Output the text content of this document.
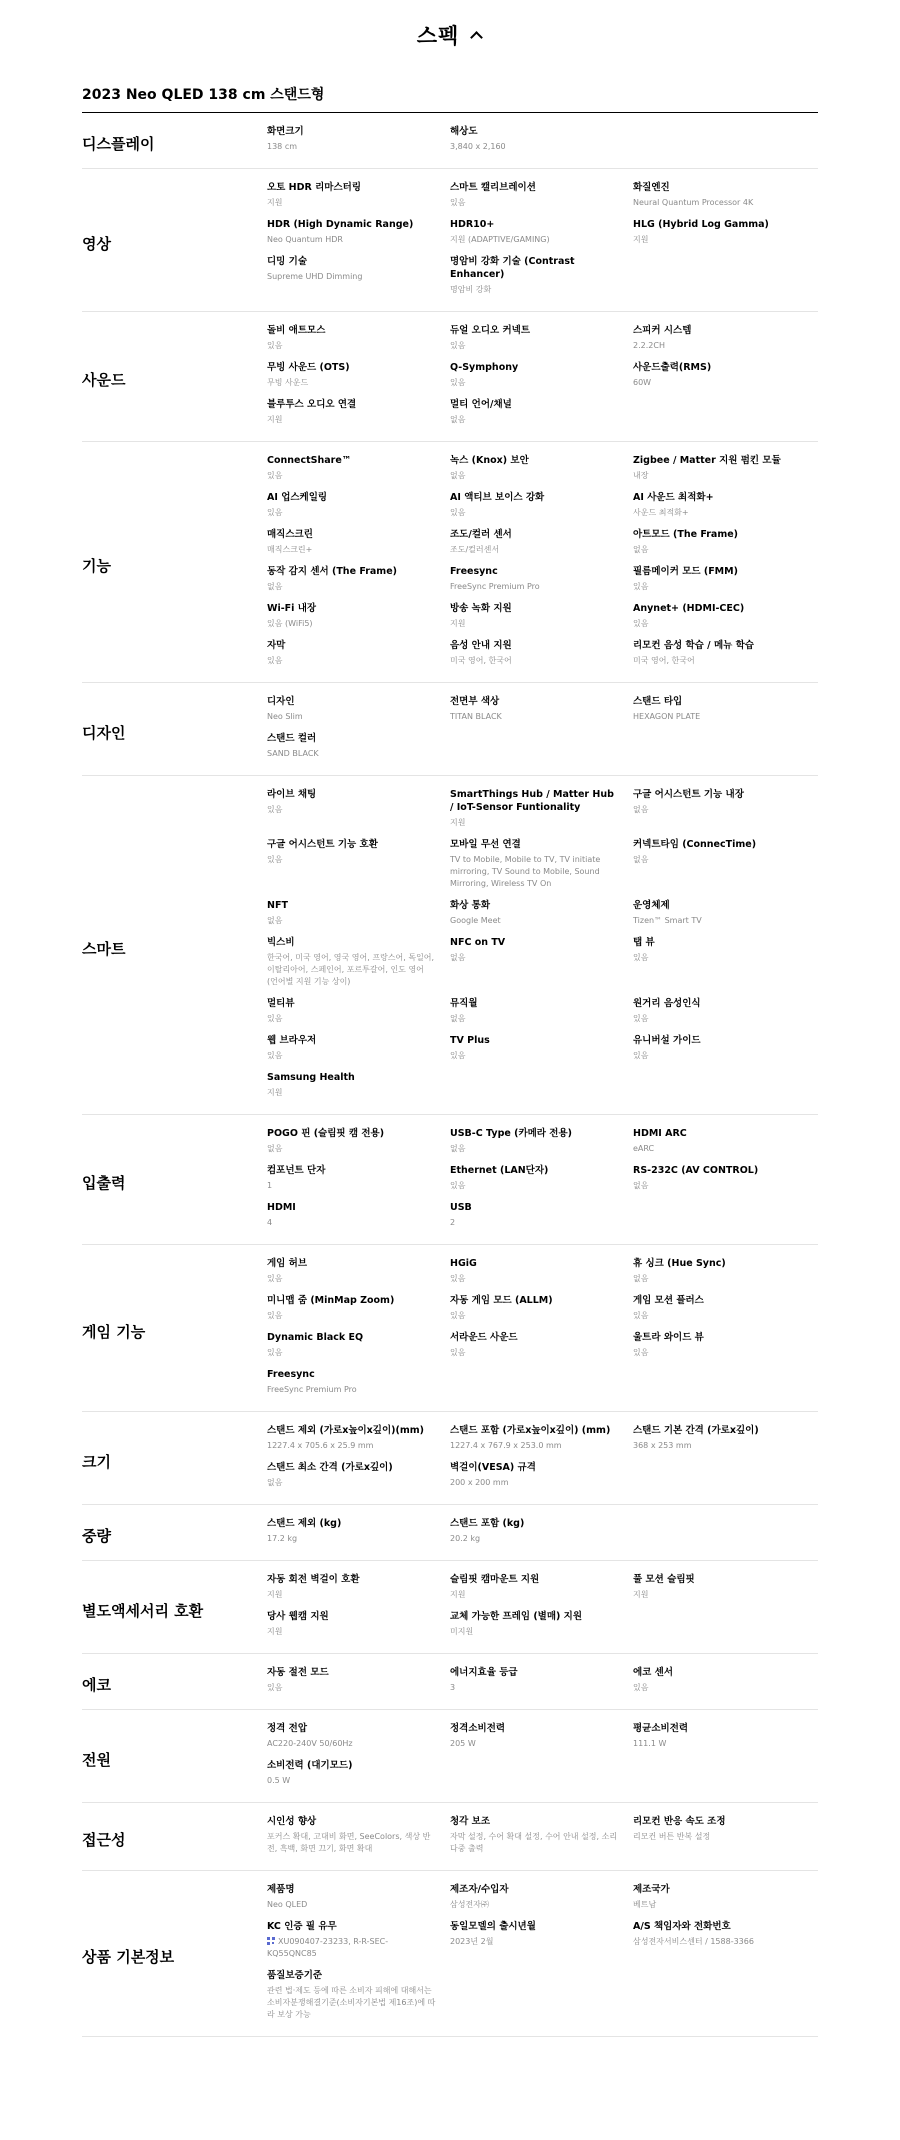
스펙
2023 Neo QLED 138 cm 스탠드형
디스플레이
화면크기
138 cm
해상도
3,840 x 2,160
영상
오토 HDR 리마스터링
지원
스마트 캘리브레이션
있음
화질엔진
Neural Quantum Processor 4K
HDR (High Dynamic Range)
Neo Quantum HDR
HDR10+
지원 (ADAPTIVE/GAMING)
HLG (Hybrid Log Gamma)
지원
디밍 기술
Supreme UHD Dimming
명암비 강화 기술 (Contrast Enhancer)
명암비 강화
사운드
돌비 애트모스
있음
듀얼 오디오 커넥트
있음
스피커 시스템
2.2.2CH
무빙 사운드 (OTS)
무빙 사운드
Q-Symphony
있음
사운드출력(RMS)
60W
블루투스 오디오 연결
지원
멀티 언어/채널
없음
기능
ConnectShare™
있음
녹스 (Knox) 보안
없음
Zigbee / Matter 지원 펌킨 모듈
내장
AI 업스케일링
있음
AI 액티브 보이스 강화
있음
AI 사운드 최적화+
사운드 최적화+
매직스크린
매직스크린+
조도/컬러 센서
조도/컬러센서
아트모드 (The Frame)
없음
동작 감지 센서 (The Frame)
없음
Freesync
FreeSync Premium Pro
필름메이커 모드 (FMM)
있음
Wi-Fi 내장
있음 (WiFi5)
방송 녹화 지원
지원
Anynet+ (HDMI-CEC)
있음
자막
있음
음성 안내 지원
미국 영어, 한국어
리모컨 음성 학습 / 메뉴 학습
미국 영어, 한국어
디자인
디자인
Neo Slim
전면부 색상
TITAN BLACK
스탠드 타입
HEXAGON PLATE
스탠드 컬러
SAND BLACK
스마트
라이브 채팅
있음
SmartThings Hub / Matter Hub / IoT-Sensor Funtionality
지원
구글 어시스턴트 기능 내장
없음
구글 어시스턴트 기능 호환
있음
모바일 무선 연결
TV to Mobile, Mobile to TV, TV initiate mirroring, TV Sound to Mobile, Sound Mirroring, Wireless TV On
커넥트타임 (ConnecTime)
없음
NFT
없음
화상 통화
Google Meet
운영체제
Tizen™ Smart TV
빅스비
한국어, 미국 영어, 영국 영어, 프랑스어, 독일어, 이탈리아어, 스페인어, 포르투갈어, 인도 영어 (언어별 지원 기능 상이)
NFC on TV
없음
탭 뷰
있음
멀티뷰
있음
뮤직월
없음
원거리 음성인식
있음
웹 브라우저
있음
TV Plus
있음
유니버설 가이드
있음
Samsung Health
지원
입출력
POGO 핀 (슬림핏 캠 전용)
없음
USB-C Type (카메라 전용)
없음
HDMI ARC
eARC
컴포넌트 단자
1
Ethernet (LAN단자)
있음
RS-232C (AV CONTROL)
없음
HDMI
4
USB
2
게임 기능
게임 허브
있음
HGiG
있음
휴 싱크 (Hue Sync)
없음
미니맵 줌 (MinMap Zoom)
있음
자동 게임 모드 (ALLM)
있음
게임 모션 플러스
있음
Dynamic Black EQ
있음
서라운드 사운드
있음
울트라 와이드 뷰
있음
Freesync
FreeSync Premium Pro
크기
스탠드 제외 (가로x높이x깊이)(mm)
1227.4 x 705.6 x 25.9 mm
스탠드 포함 (가로x높이x깊이) (mm)
1227.4 x 767.9 x 253.0 mm
스탠드 기본 간격 (가로x깊이)
368 x 253 mm
스탠드 최소 간격 (가로x깊이)
없음
벽걸이(VESA) 규격
200 x 200 mm
중량
스탠드 제외 (kg)
17.2 kg
스탠드 포함 (kg)
20.2 kg
별도액세서리 호환
자동 회전 벽걸이 호환
지원
슬림핏 캠마운트 지원
지원
풀 모션 슬림핏
지원
당사 웹캠 지원
지원
교체 가능한 프레임 (별매) 지원
미지원
에코
자동 절전 모드
있음
에너지효율 등급
3
에코 센서
있음
전원
정격 전압
AC220-240V 50/60Hz
정격소비전력
205 W
평균소비전력
111.1 W
소비전력 (대기모드)
0.5 W
접근성
시인성 향상
포커스 확대, 고대비 화면, SeeColors, 색상 반전, 흑백, 화면 끄기, 화면 확대
청각 보조
자막 설정, 수어 확대 설정, 수어 안내 설정, 소리 다중 출력
리모컨 반응 속도 조정
리모컨 버튼 반복 설정
상품 기본정보
제품명
Neo QLED
제조자/수입자
삼성전자㈜
제조국가
베트남
KC 인증 필 유무
XU090407-23233, R-R-SEC-KQ55QNC85
동일모델의 출시년월
2023년 2월
A/S 책임자와 전화번호
삼성전자서비스센터 / 1588-3366
품질보증기준
관련 법·제도 등에 따른 소비자 피해에 대해서는 소비자분쟁해결기준(소비자기본법 제16조)에 따라 보상 가능
